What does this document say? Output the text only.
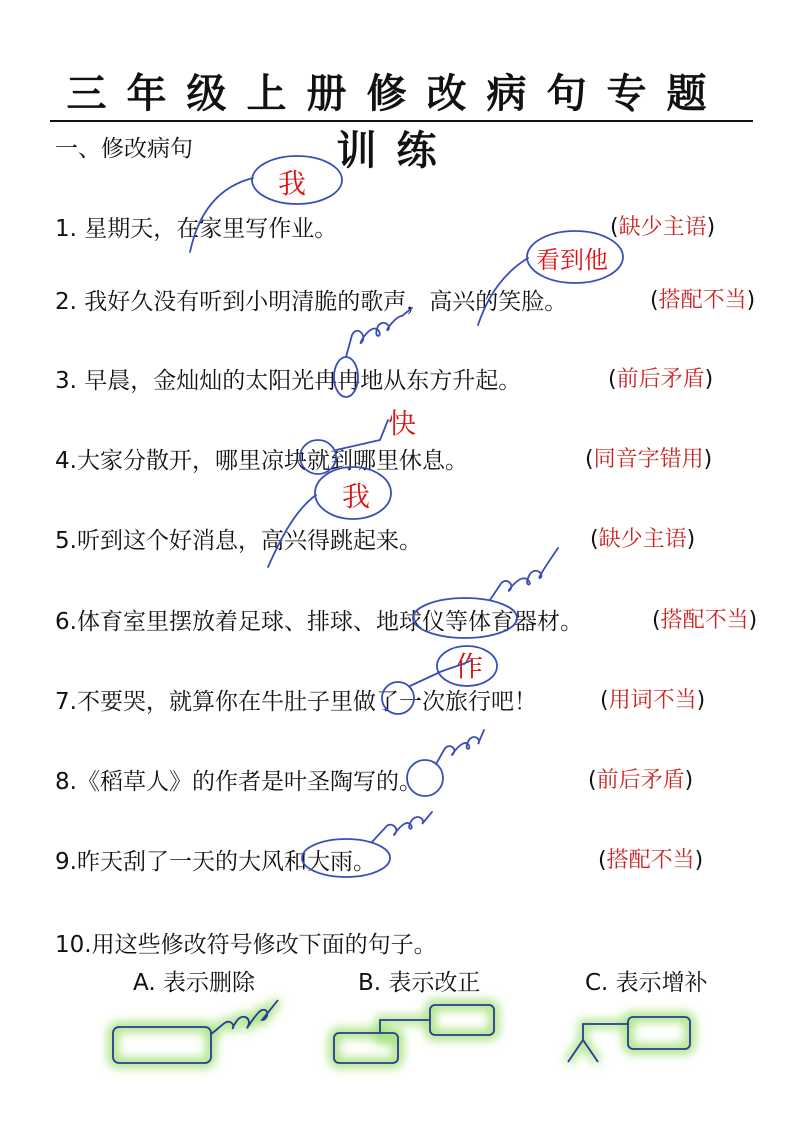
三年级上册修改病句专题训练
一、修改病句
1. 星期天，在家里写作业。	(缺少主语)
2. 我好久没有听到小明清脆的歌声，高兴的笑脸。	(搭配不当)
3. 早晨，金灿灿的太阳光冉冉地从东方升起。	(前后矛盾)
4.大家分散开，哪里凉块就到哪里休息。	(同音字错用)
5.听到这个好消息，高兴得跳起来。	(缺少主语)
6.体育室里摆放着足球、排球、地球仪等体育器材。	(搭配不当)
7.不要哭，就算你在牛肚子里做了一次旅行吧！	(用词不当)
8.《稻草人》的作者是叶圣陶写的。	(前后矛盾)
9.昨天刮了一天的大风和大雨。	(搭配不当)
10.用这些修改符号修改下面的句子。
A. 表示删除	B. 表示改正	C. 表示增补
我
看到他
快
我
作
